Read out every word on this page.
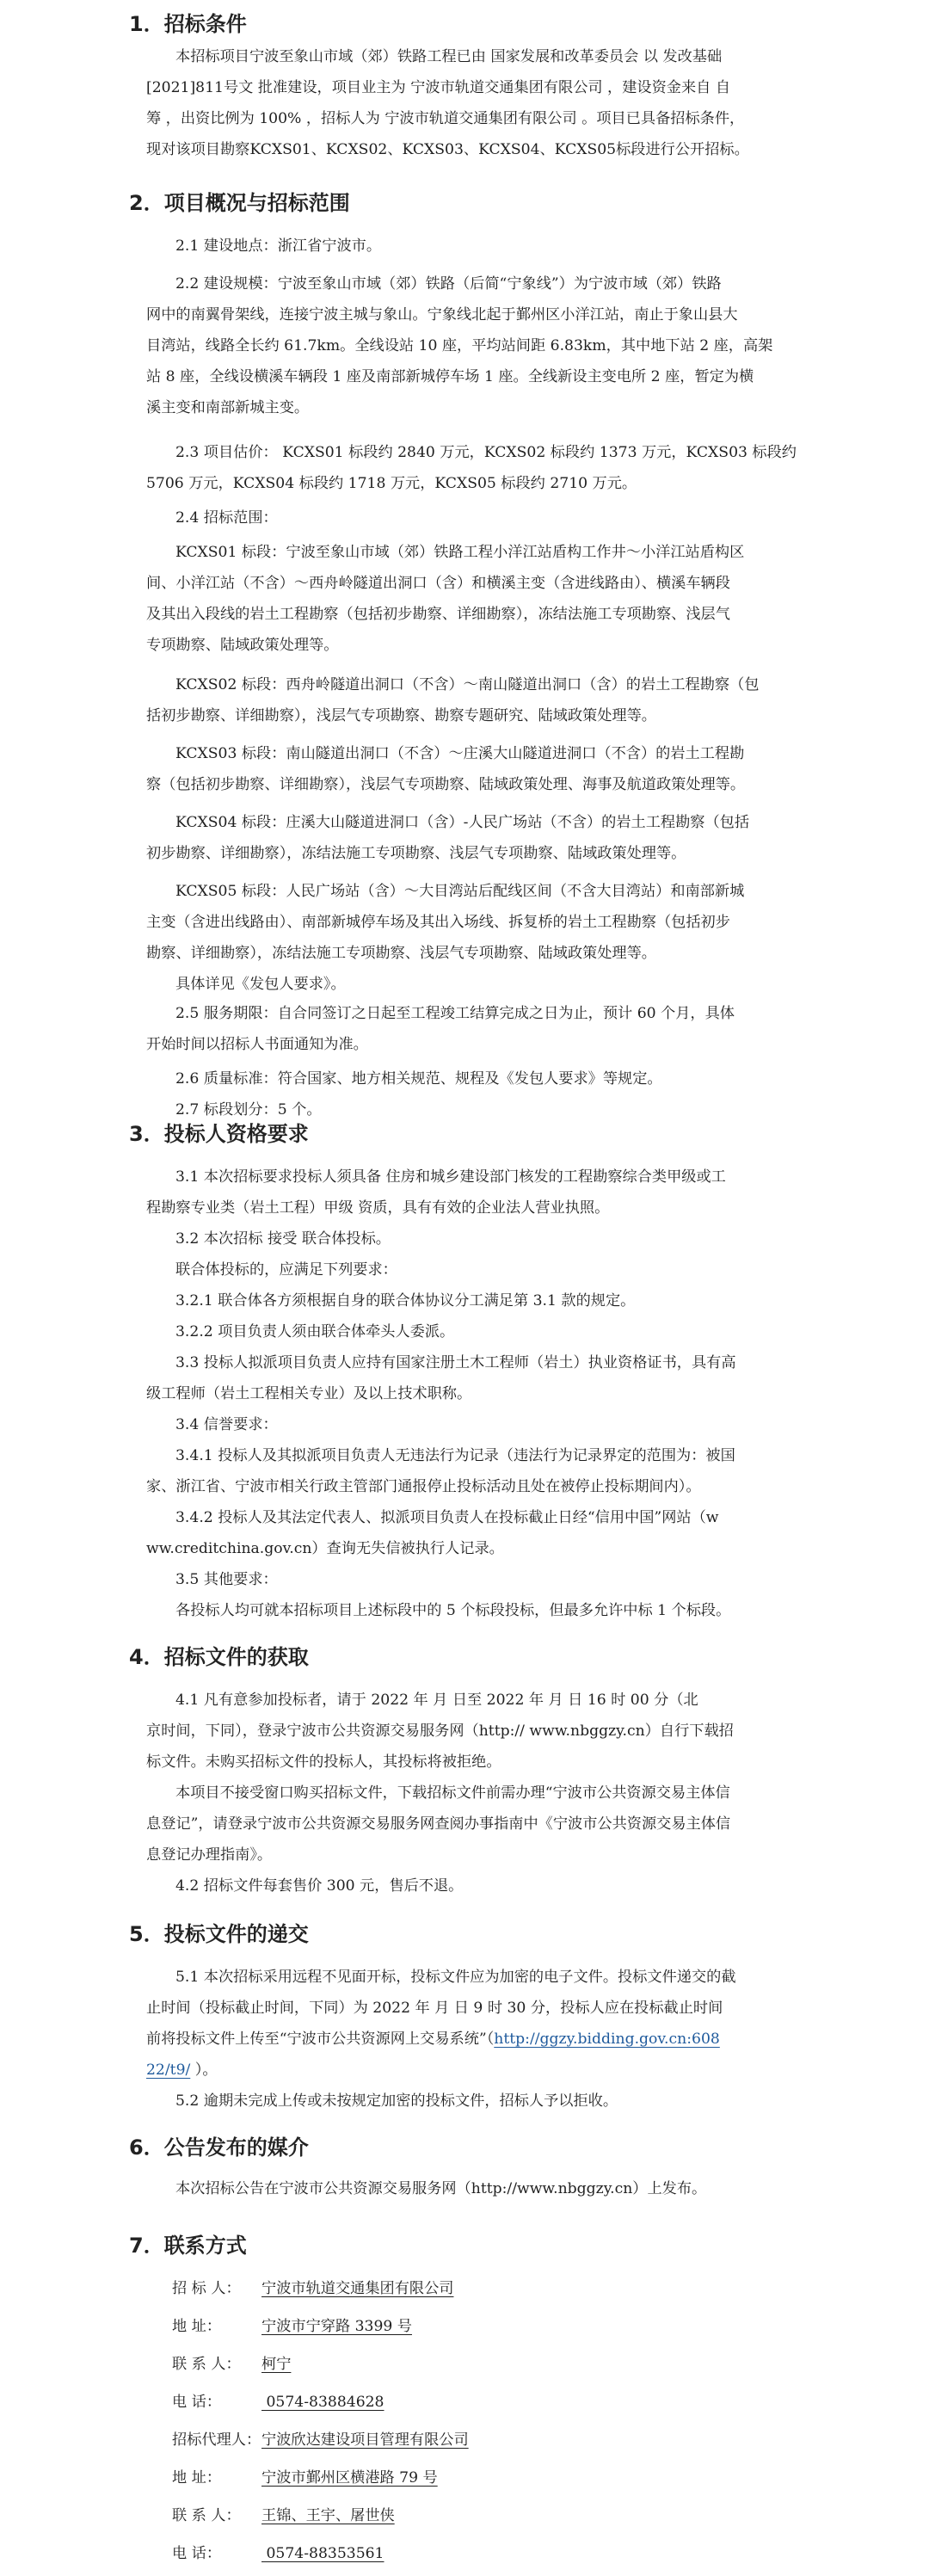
1．招标条件
本招标项目宁波至象山市域（郊）铁路工程已由 国家发展和改革委员会 以 发改基础
[2021]811号文 批准建设，项目业主为 宁波市轨道交通集团有限公司 ，建设资金来自 自
筹 ，出资比例为 100% ，招标人为 宁波市轨道交通集团有限公司 。项目已具备招标条件，
现对该项目勘察KCXS01、KCXS02、KCXS03、KCXS04、KCXS05标段进行公开招标。
2．项目概况与招标范围
2.1 建设地点：浙江省宁波市。
2.2 建设规模：宁波至象山市域（郊）铁路（后简“宁象线”）为宁波市域（郊）铁路
网中的南翼骨架线，连接宁波主城与象山。宁象线北起于鄞州区小洋江站，南止于象山县大
目湾站，线路全长约 61.7km。全线设站 10 座，平均站间距 6.83km，其中地下站 2 座，高架
站 8 座，全线设横溪车辆段 1 座及南部新城停车场 1 座。全线新设主变电所 2 座，暂定为横
溪主变和南部新城主变。
2.3 项目估价： KCXS01 标段约 2840 万元，KCXS02 标段约 1373 万元，KCXS03 标段约
5706 万元，KCXS04 标段约 1718 万元，KCXS05 标段约 2710 万元。
2.4 招标范围：
KCXS01 标段：宁波至象山市域（郊）铁路工程小洋江站盾构工作井～小洋江站盾构区
间、小洋江站（不含）～西舟岭隧道出洞口（含）和横溪主变（含进线路由）、横溪车辆段
及其出入段线的岩土工程勘察（包括初步勘察、详细勘察），冻结法施工专项勘察、浅层气
专项勘察、陆域政策处理等。
KCXS02 标段：西舟岭隧道出洞口（不含）～南山隧道出洞口（含）的岩土工程勘察（包
括初步勘察、详细勘察），浅层气专项勘察、勘察专题研究、陆域政策处理等。
KCXS03 标段：南山隧道出洞口（不含）～庄溪大山隧道进洞口（不含）的岩土工程勘
察（包括初步勘察、详细勘察），浅层气专项勘察、陆域政策处理、海事及航道政策处理等。
KCXS04 标段：庄溪大山隧道进洞口（含）-人民广场站（不含）的岩土工程勘察（包括
初步勘察、详细勘察），冻结法施工专项勘察、浅层气专项勘察、陆域政策处理等。
KCXS05 标段：人民广场站（含）～大目湾站后配线区间（不含大目湾站）和南部新城
主变（含进出线路由）、南部新城停车场及其出入场线、拆复桥的岩土工程勘察（包括初步
勘察、详细勘察），冻结法施工专项勘察、浅层气专项勘察、陆域政策处理等。
具体详见《发包人要求》。
2.5 服务期限：自合同签订之日起至工程竣工结算完成之日为止，预计 60 个月，具体
开始时间以招标人书面通知为准。
2.6 质量标准：符合国家、地方相关规范、规程及《发包人要求》等规定。
2.7 标段划分：5 个。
3．投标人资格要求
3.1 本次招标要求投标人须具备 住房和城乡建设部门核发的工程勘察综合类甲级或工
程勘察专业类（岩土工程）甲级 资质，具有有效的企业法人营业执照。
3.2 本次招标 接受 联合体投标。
联合体投标的，应满足下列要求：
3.2.1 联合体各方须根据自身的联合体协议分工满足第 3.1 款的规定。
3.2.2 项目负责人须由联合体牵头人委派。
3.3 投标人拟派项目负责人应持有国家注册土木工程师（岩土）执业资格证书，具有高
级工程师（岩土工程相关专业）及以上技术职称。
3.4 信誉要求：
3.4.1 投标人及其拟派项目负责人无违法行为记录（违法行为记录界定的范围为：被国
家、浙江省、宁波市相关行政主管部门通报停止投标活动且处在被停止投标期间内）。
3.4.2 投标人及其法定代表人、拟派项目负责人在投标截止日经“信用中国”网站（w
ww.creditchina.gov.cn）查询无失信被执行人记录。
3.5 其他要求：
各投标人均可就本招标项目上述标段中的 5 个标段投标，但最多允许中标 1 个标段。
4．招标文件的获取
4.1 凡有意参加投标者，请于 2022 年 月 日至 2022 年 月 日 16 时 00 分（北
京时间，下同），登录宁波市公共资源交易服务网（http:// www.nbggzy.cn）自行下载招
标文件。未购买招标文件的投标人，其投标将被拒绝。
本项目不接受窗口购买招标文件，下载招标文件前需办理“宁波市公共资源交易主体信
息登记”，请登录宁波市公共资源交易服务网查阅办事指南中《宁波市公共资源交易主体信
息登记办理指南》。
4.2 招标文件每套售价 300 元，售后不退。
5．投标文件的递交
5.1 本次招标采用远程不见面开标，投标文件应为加密的电子文件。投标文件递交的截
止时间（投标截止时间，下同）为 2022 年 月 日 9 时 30 分，投标人应在投标截止时间
前将投标文件上传至“宁波市公共资源网上交易系统”（http://ggzy.bidding.gov.cn:608
22/t9/ ）。
5.2 逾期未完成上传或未按规定加密的投标文件，招标人予以拒收。
6．公告发布的媒介
本次招标公告在宁波市公共资源交易服务网（http://www.nbggzy.cn）上发布。
7．联系方式
招 标 人： 宁波市轨道交通集团有限公司
地 址：	宁波市宁穿路 3399 号
联 系 人： 柯宁
电 话：	0574-83884628
招标代理人：宁波欣达建设项目管理有限公司
地 址：	宁波市鄞州区横港路 79 号
联 系 人： 王锦、王宇、屠世侠
电 话：	0574-88353561
